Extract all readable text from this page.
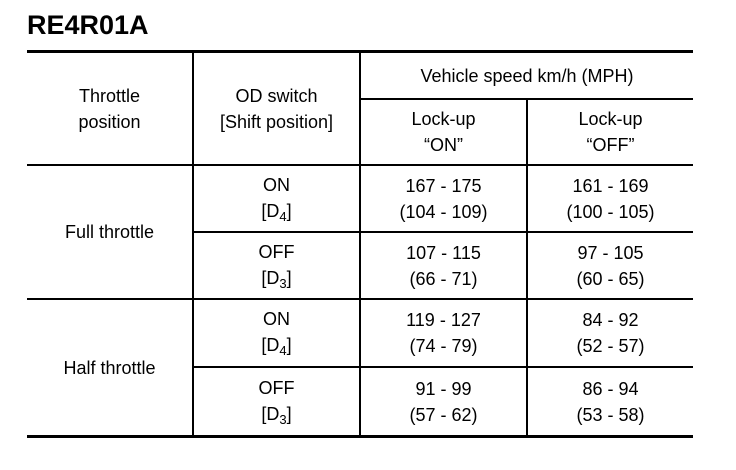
RE4R01A
Throttle
position
OD switch
[Shift position]
Vehicle speed km/h (MPH)
Lock-up
“ON”
Lock-up
“OFF”
Full throttle
ON
$[D_4]$
167 - 175
(104 - 109)
161 - 169
(100 - 105)
OFF
$[D_3]$
107 - 115
(66 - 71)
97 - 105
(60 - 65)
Half throttle
ON
$[D_4]$
119 - 127
(74 - 79)
84 - 92
(52 - 57)
OFF
$[D_3]$
91 - 99
(57 - 62)
86 - 94
(53 - 58)
